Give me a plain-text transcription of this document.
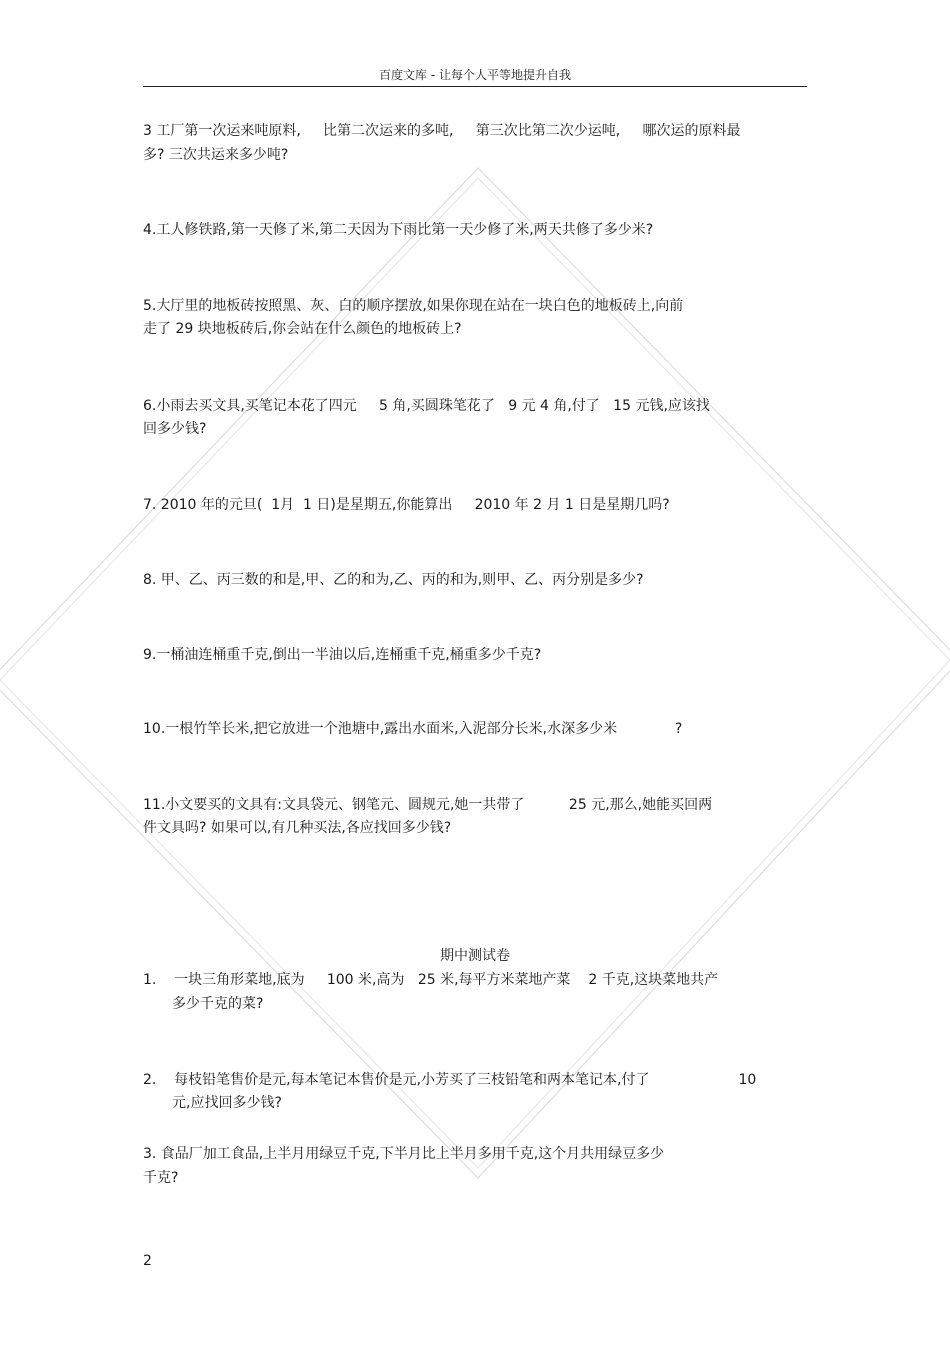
百度文库 - 让每个人平等地提升自我
3 工厂第一次运来吨原料,     比第二次运来的多吨,     第三次比第二次少运吨,     哪次运的原料最
多? 三次共运来多少吨?
4.工人修铁路,第一天修了米,第二天因为下雨比第一天少修了米,两天共修了多少米?
5.大厅里的地板砖按照黑、灰、白的顺序摆放,如果你现在站在一块白色的地板砖上,向前
走了 29 块地板砖后,你会站在什么颜色的地板砖上?
6.小雨去买文具,买笔记本花了四元     5 角,买圆珠笔花了   9 元 4 角,付了   15 元钱,应该找
回多少钱?
7. 2010 年的元旦(  1月  1 日)是星期五,你能算出     2010 年 2 月 1 日是星期几吗?
8. 甲、乙、丙三数的和是,甲、乙的和为,乙、丙的和为,则甲、乙、丙分别是多少?
9.一桶油连桶重千克,倒出一半油以后,连桶重千克,桶重多少千克?
10.一根竹竿长米,把它放进一个池塘中,露出水面米,入泥部分长米,水深多少米             ?
11.小文要买的文具有:文具袋元、钢笔元、圆规元,她一共带了          25 元,那么,她能买回两
件文具吗? 如果可以,有几种买法,各应找回多少钱?
期中测试卷
1.    一块三角形菜地,底为     100 米,高为   25 米,每平方米菜地产菜    2 千克,这块菜地共产
多少千克的菜?
2.    每枝铅笔售价是元,每本笔记本售价是元,小芳买了三枝铅笔和两本笔记本,付了                    10
元,应找回多少钱?
3. 食品厂加工食品,上半月用绿豆千克,下半月比上半月多用千克,这个月共用绿豆多少
千克?
2
